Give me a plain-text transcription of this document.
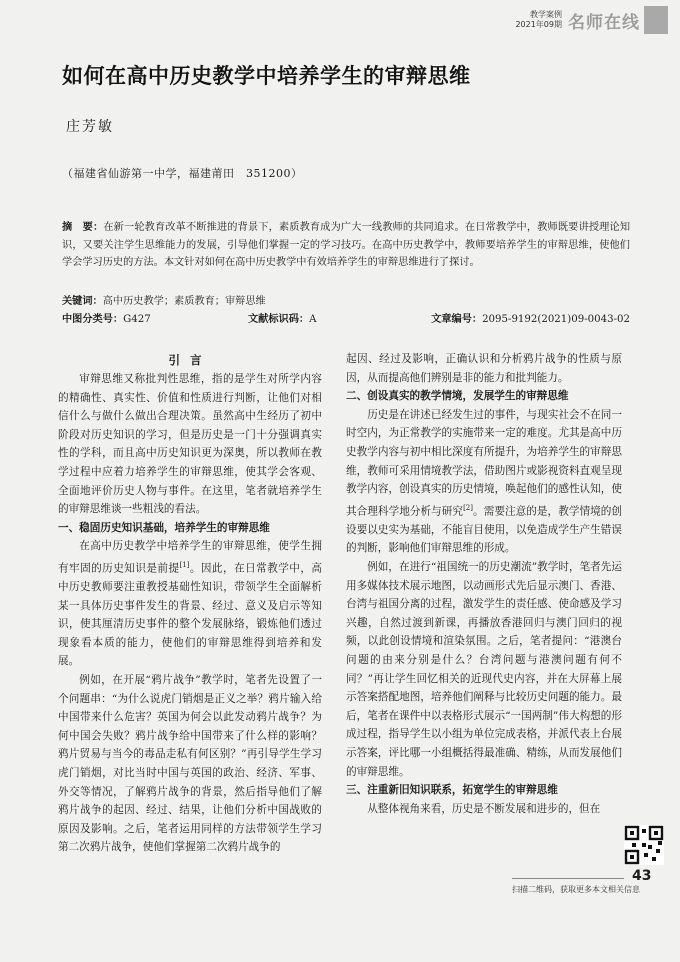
教学案例
2021年09期 名师在线
如何在高中历史教学中培养学生的审辩思维
庄芳敏
（福建省仙游第一中学，福建莆田　351200）
摘　要：在新一轮教育改革不断推进的背景下，素质教育成为广大一线教师的共同追求。在日常教学中，教师既要讲授理论知识，又要关注学生思维能力的发展，引导他们掌握一定的学习技巧。在高中历史教学中，教师要培养学生的审辩思维，使他们学会学习历史的方法。本文针对如何在高中历史教学中有效培养学生的审辩思维进行了探讨。
关键词：高中历史教学；素质教育；审辩思维
中图分类号：G427	文献标识码：A	文章编号：2095-9192(2021)09-0043-02
引言

审辩思维又称批判性思维，指的是学生对所学内容的精确性、真实性、价值和性质进行判断，让他们对相信什么与做什么做出合理决策。虽然高中生经历了初中阶段对历史知识的学习，但是历史是一门十分强调真实性的学科，而且高中历史知识更为深奥，所以教师在教学过程中应着力培养学生的审辩思维，使其学会客观、全面地评价历史人物与事件。在这里，笔者就培养学生的审辩思维谈一些粗浅的看法。

一、稳固历史知识基础，培养学生的审辩思维

在高中历史教学中培养学生的审辩思维，使学生拥有牢固的历史知识是前提[1]。因此，在日常教学中，高中历史教师要注重教授基础性知识，带领学生全面解析某一具体历史事件发生的背景、经过、意义及启示等知识，使其厘清历史事件的整个发展脉络，锻炼他们透过现象看本质的能力，使他们的审辩思维得到培养和发展。

例如，在开展“鸦片战争”教学时，笔者先设置了一个问题串：“为什么说虎门销烟是正义之举？鸦片输入给中国带来什么危害？英国为何会以此发动鸦片战争？为何中国会失败？鸦片战争给中国带来了什么样的影响？鸦片贸易与当今的毒品走私有何区别？”再引导学生学习虎门销烟，对比当时中国与英国的政治、经济、军事、外交等情况，了解鸦片战争的背景，然后指导他们了解鸦片战争的起因、经过、结果，让他们分析中国战败的原因及影响。之后，笔者运用同样的方法带领学生学习第二次鸦片战争，使他们掌握第二次鸦片战争的

起因、经过及影响，正确认识和分析鸦片战争的性质与原因，从而提高他们辨别是非的能力和批判能力。

二、创设真实的教学情境，发展学生的审辩思维

历史是在讲述已经发生过的事件，与现实社会不在同一时空内，为正常教学的实施带来一定的难度。尤其是高中历史教学内容与初中相比深度有所提升，为培养学生的审辩思维，教师可采用情境教学法，借助图片或影视资料直观呈现教学内容，创设真实的历史情境，唤起他们的感性认知，使其合理科学地分析与研究[2]。需要注意的是，教学情境的创设要以史实为基础，不能盲目使用，以免造成学生产生错误的判断，影响他们审辩思维的形成。

例如，在进行“祖国统一的历史潮流”教学时，笔者先运用多媒体技术展示地图，以动画形式先后显示澳门、香港、台湾与祖国分离的过程，激发学生的责任感、使命感及学习兴趣，自然过渡到新课，再播放香港回归与澳门回归的视频，以此创设情境和渲染氛围。之后，笔者提问：“港澳台问题的由来分别是什么？台湾问题与港澳问题有何不同？”再让学生回忆相关的近现代史内容，并在大屏幕上展示答案搭配地图，培养他们阐释与比较历史问题的能力。最后，笔者在课件中以表格形式展示“一国两制”伟大构想的形成过程，指导学生以小组为单位完成表格，并派代表上台展示答案，评比哪一小组概括得最准确、精练，从而发展他们的审辩思维。

三、注重新旧知识联系，拓宽学生的审辩思维

从整体视角来看，历史是不断发展和进步的，但在

43
扫描二维码，获取更多本文相关信息
